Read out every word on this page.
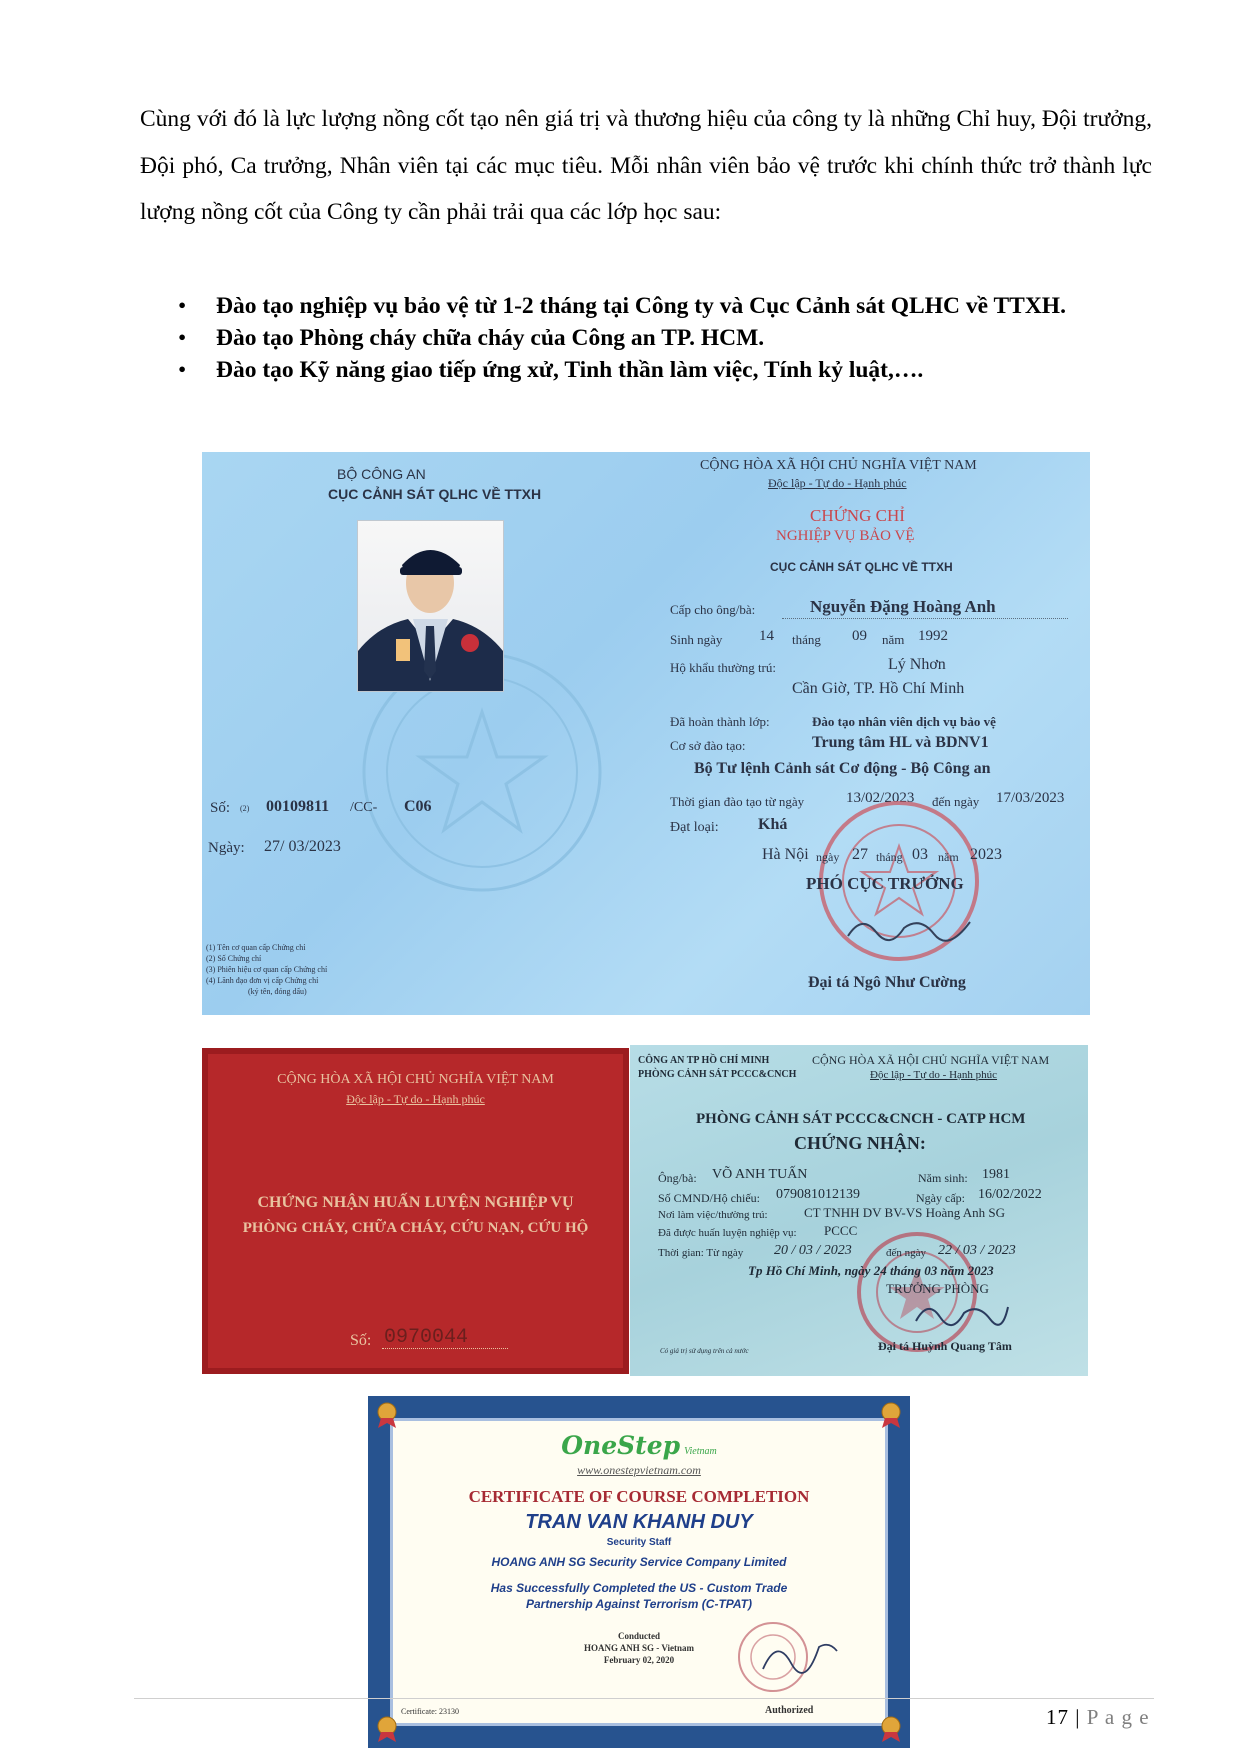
Cùng với đó là lực lượng nồng cốt tạo nên giá trị và thương hiệu của công ty là những Chỉ huy, Đội trưởng, Đội phó, Ca trưởng, Nhân viên tại các mục tiêu. Mỗi nhân viên bảo vệ trước khi chính thức trở thành lực lượng nồng cốt của Công ty cần phải trải qua các lớp học sau:

• Đào tạo nghiệp vụ bảo vệ từ 1-2 tháng tại Công ty và Cục Cảnh sát QLHC về TTXH.
• Đào tạo Phòng cháy chữa cháy của Công an TP. HCM.
• Đào tạo Kỹ năng giao tiếp ứng xử, Tinh thần làm việc, Tính kỷ luật,….
BỘ CÔNG AN
CỤC CẢNH SÁT QLHC VỀ TTXH
CỘNG HÒA XÃ HỘI CHỦ NGHĨA VIỆT NAM
Độc lập - Tự do - Hạnh phúc
CHỨNG CHỈ
NGHIỆP VỤ BẢO VỆ
CỤC CẢNH SÁT QLHC VỀ TTXH
Cấp cho ông/bà:	Nguyễn Đặng Hoàng Anh
Sinh ngày 14 tháng 09 năm 1992
Hộ khẩu thường trú:	Lý Nhơn
Cần Giờ, TP. Hồ Chí Minh
Đã hoàn thành lớp:	Đào tạo nhân viên dịch vụ bảo vệ
Cơ sở đào tạo:	Trung tâm HL và BDNV1
Bộ Tư lệnh Cảnh sát Cơ động - Bộ Công an
Thời gian đào tạo từ ngày	13/02/2023 đến ngày 17/03/2023
Đạt loại: Khá
Hà Nội ngày 27 tháng 03 năm 2023
PHÓ CỤC TRƯỞNG
Đại tá Ngô Như Cường
Số: (2) 00109811 /CC- C06
Ngày: 27/ 03/2023
(1) Tên cơ quan cấp Chứng chỉ
(2) Số Chứng chỉ
(3) Phiên hiệu cơ quan cấp Chứng chỉ
(4) Lãnh đạo đơn vị cấp Chứng chỉ
(ký tên, đóng dấu)
CỘNG HÒA XÃ HỘI CHỦ NGHĨA VIỆT NAM
Độc lập - Tự do - Hạnh phúc
CHỨNG NHẬN HUẤN LUYỆN NGHIỆP VỤ
PHÒNG CHÁY, CHỮA CHÁY, CỨU NẠN, CỨU HỘ
Số: 0970044
CÔNG AN TP HỒ CHÍ MINH
PHÒNG CẢNH SÁT PCCC&CNCH
CỘNG HÒA XÃ HỘI CHỦ NGHĨA VIỆT NAM
Độc lập - Tự do - Hạnh phúc
PHÒNG CẢNH SÁT PCCC&CNCH - CATP HCM
CHỨNG NHẬN:
Ông/bà: VÕ ANH TUẤN	Năm sinh: 1981
Số CMND/Hộ chiếu: 079081012139	Ngày cấp: 16/02/2022
Nơi làm việc/thường trú:	CT TNHH DV BV-VS Hoàng Anh SG
Đã được huấn luyện nghiệp vụ: PCCC
Thời gian: Từ ngày 20 / 03 / 2023	đến ngày 22 / 03 / 2023
Tp Hồ Chí Minh, ngày 24 tháng 03 năm 2023
TRƯỞNG PHÒNG
Đại tá Huỳnh Quang Tâm
Có giá trị sử dụng trên cả nước
OneStep Vietnam
www.onestepvietnam.com
CERTIFICATE OF COURSE COMPLETION
TRAN VAN KHANH DUY
Security Staff
HOANG ANH SG Security Service Company Limited
Has Successfully Completed the US - Custom Trade
Partnership Against Terrorism (C-TPAT)
Conducted
HOANG ANH SG - Vietnam
February 02, 2020
Certificate: 23130	Authorized	17 | P a g e
